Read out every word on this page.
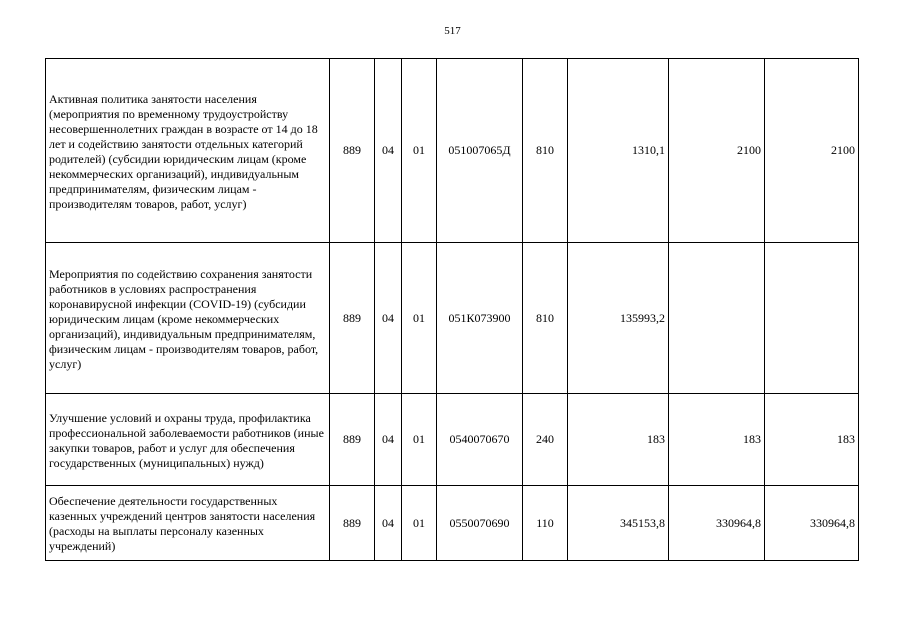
517
Активная политика занятости населения (мероприятия по временному трудоустройству несовершеннолетних граждан в возрасте от 14 до 18 лет и содействию занятости отдельных категорий родителей) (субсидии юридическим лицам (кроме некоммерческих организаций), индивидуальным предпринимателям, физическим лицам - производителям товаров, работ, услуг)	889	04	01	051007065Д	810	1310,1	2100	2100
Мероприятия по содействию сохранения занятости работников в условиях распространения коронавирусной инфекции (COVID-19) (субсидии юридическим лицам (кроме некоммерческих организаций), индивидуальным предпринимателям, физическим лицам - производителям товаров, работ, услуг)	889	04	01	051К073900	810	135993,2		
Улучшение условий и охраны труда, профилактика профессиональной заболеваемости работников (иные закупки товаров, работ и услуг для обеспечения государственных (муниципальных) нужд)	889	04	01	0540070670	240	183	183	183
Обеспечение деятельности государственных казенных учреждений центров занятости населения (расходы на выплаты персоналу казенных учреждений)	889	04	01	0550070690	110	345153,8	330964,8	330964,8
